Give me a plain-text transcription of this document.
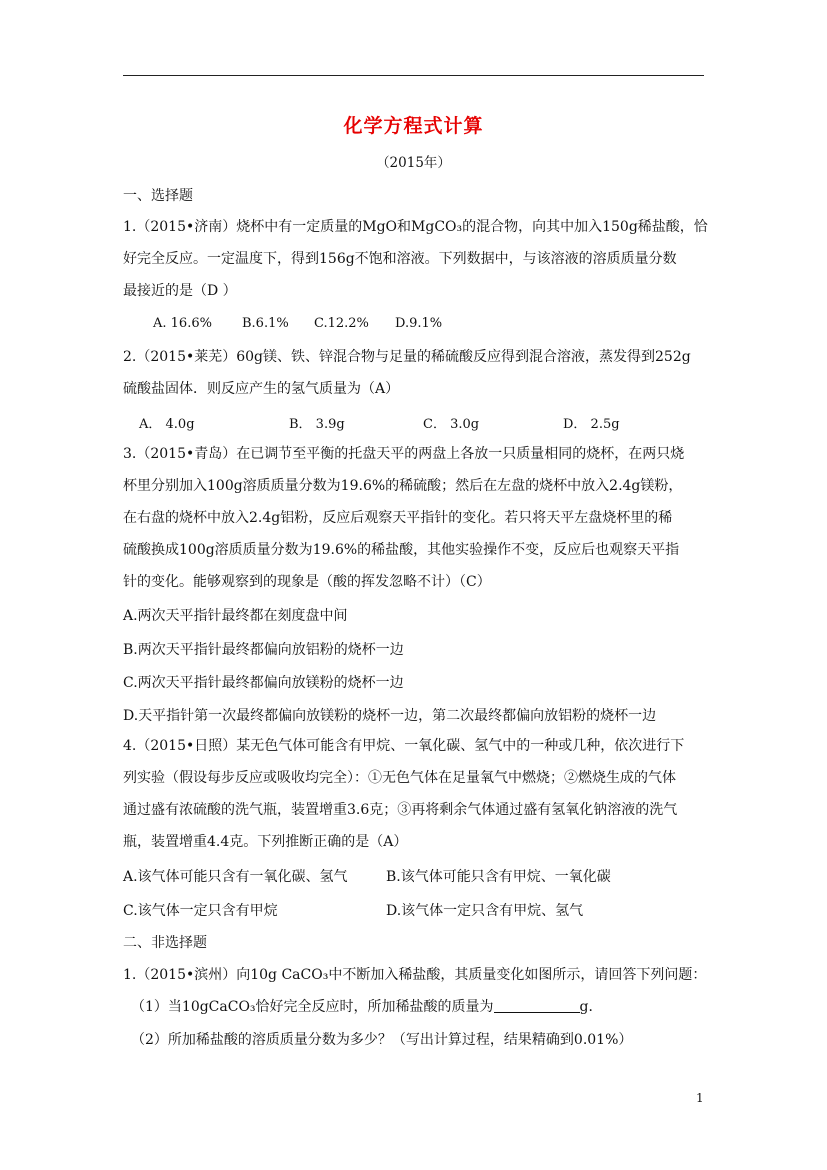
化学方程式计算
（2015年）
一、选择题
1.（2015•济南）烧杯中有一定质量的MgO和MgCO₃的混合物，向其中加入150g稀盐酸，恰
好完全反应。一定温度下，得到156g不饱和溶液。下列数据中，与该溶液的溶质质量分数
最接近的是（D ）
A. 16.6% B.6.1% C.12.2% D.9.1%
2.（2015•莱芜）60g镁、铁、锌混合物与足量的稀硫酸反应得到混合溶液，蒸发得到252g
硫酸盐固体．则反应产生的氢气质量为（A）
A． 4.0g	B． 3.9g	C． 3.0g	D． 2.5g
3.（2015•青岛）在已调节至平衡的托盘天平的两盘上各放一只质量相同的烧杯，在两只烧
杯里分别加入100g溶质质量分数为19.6%的稀硫酸；然后在左盘的烧杯中放入2.4g镁粉，
在右盘的烧杯中放入2.4g铝粉，反应后观察天平指针的变化。若只将天平左盘烧杯里的稀
硫酸换成100g溶质质量分数为19.6%的稀盐酸，其他实验操作不变，反应后也观察天平指
针的变化。能够观察到的现象是（酸的挥发忽略不计）（C）
A.两次天平指针最终都在刻度盘中间
B.两次天平指针最终都偏向放铝粉的烧杯一边
C.两次天平指针最终都偏向放镁粉的烧杯一边
D.天平指针第一次最终都偏向放镁粉的烧杯一边，第二次最终都偏向放铝粉的烧杯一边
4.（2015•日照）某无色气体可能含有甲烷、一氧化碳、氢气中的一种或几种，依次进行下
列实验（假设每步反应或吸收均完全）：①无色气体在足量氧气中燃烧；②燃烧生成的气体
通过盛有浓硫酸的洗气瓶，装置增重3.6克；③再将剩余气体通过盛有氢氧化钠溶液的洗气
瓶，装置增重4.4克。下列推断正确的是（A）
A.该气体可能只含有一氧化碳、氢气	B.该气体可能只含有甲烷、一氧化碳
C.该气体一定只含有甲烷	D.该气体一定只含有甲烷、氢气
二、非选择题
1.（2015•滨州）向10g CaCO₃中不断加入稀盐酸，其质量变化如图所示，请回答下列问题：
（1）当10gCaCO₃恰好完全反应时，所加稀盐酸的质量为	g．
（2）所加稀盐酸的溶质质量分数为多少？（写出计算过程，结果精确到0.01%）
1
